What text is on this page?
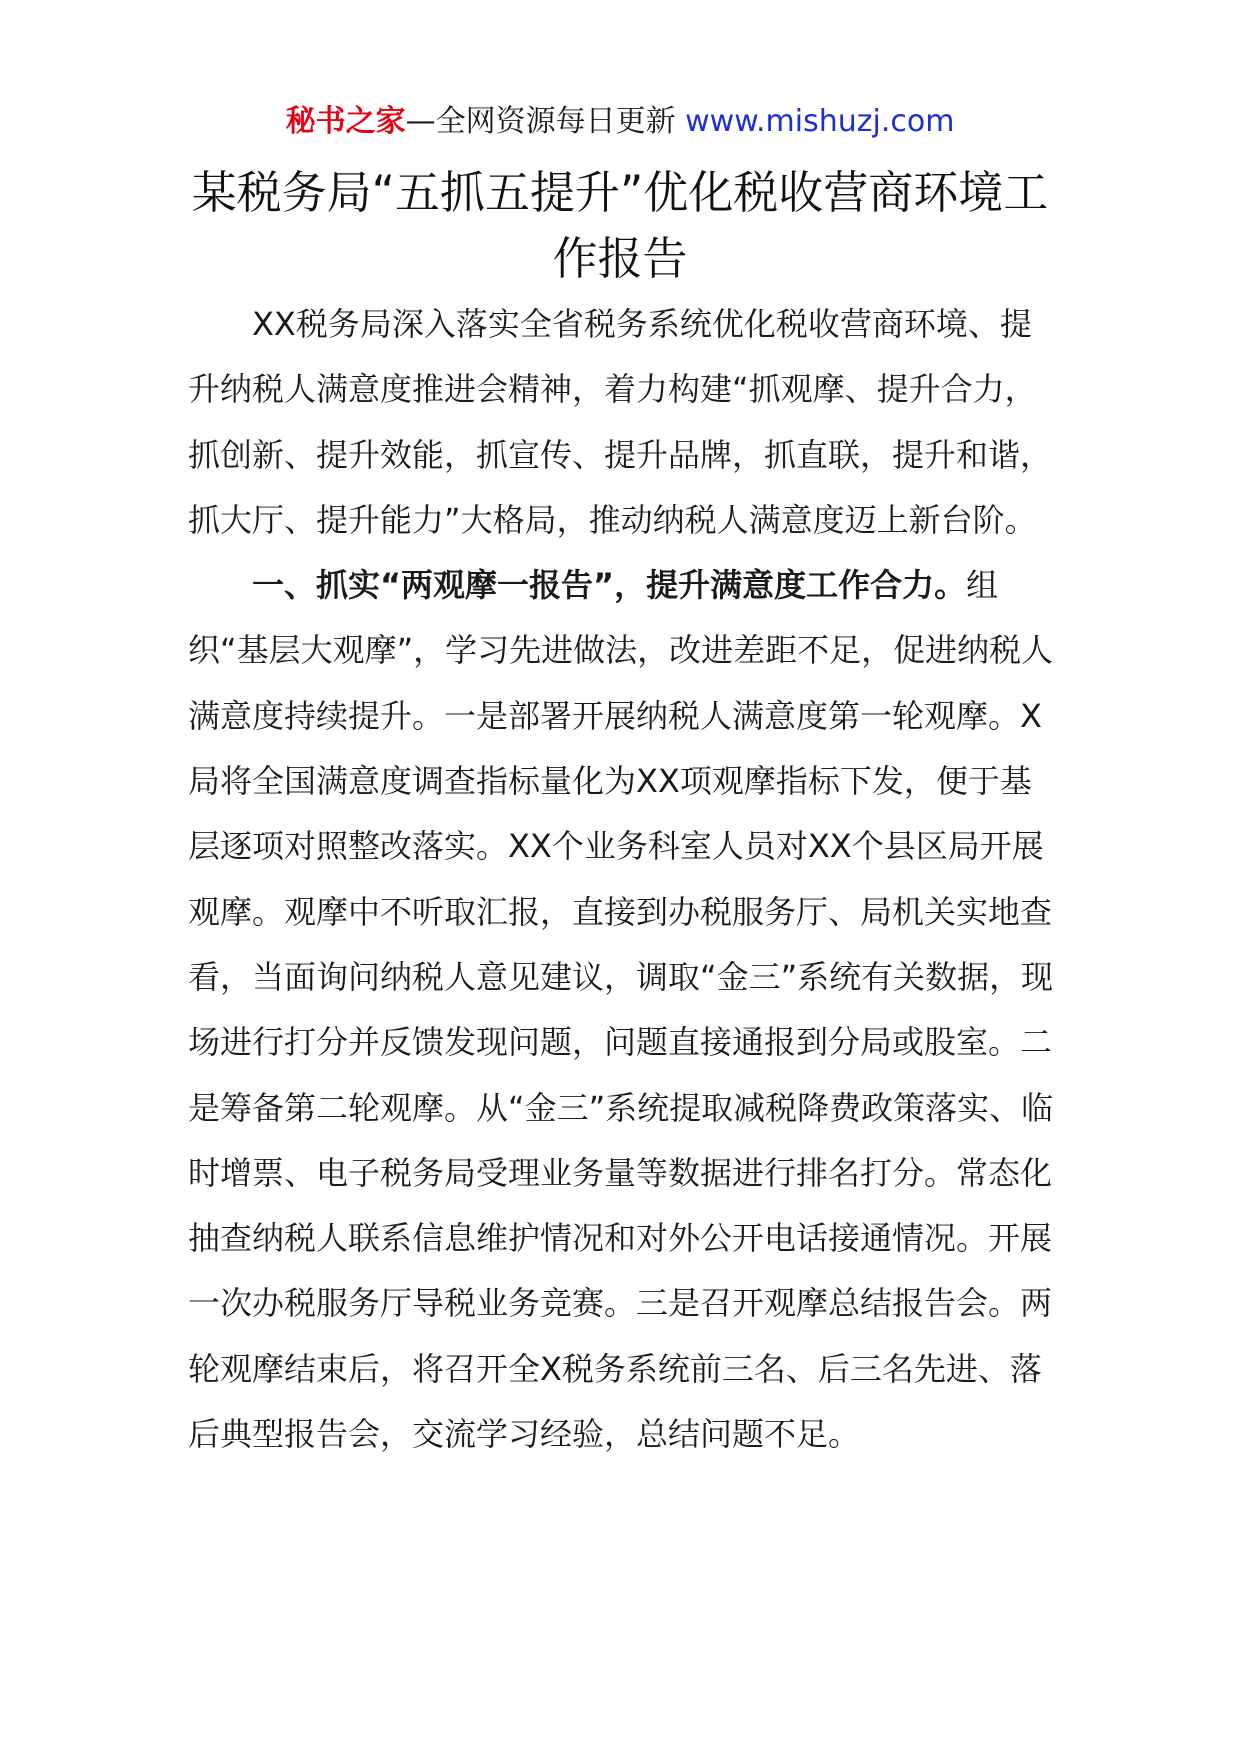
秘书之家—全网资源每日更新 www.mishuzj.com
某税务局“五抓五提升”优化税收营商环境工作报告

XX税务局深入落实全省税务系统优化税收营商环境、提升纳税人满意度推进会精神，着力构建“抓观摩、提升合力，抓创新、提升效能，抓宣传、提升品牌，抓直联，提升和谐，抓大厅、提升能力”大格局，推动纳税人满意度迈上新台阶。

一、抓实“两观摩一报告”，提升满意度工作合力。组织“基层大观摩”，学习先进做法，改进差距不足，促进纳税人满意度持续提升。一是部署开展纳税人满意度第一轮观摩。X局将全国满意度调查指标量化为XX项观摩指标下发，便于基层逐项对照整改落实。XX个业务科室人员对XX个县区局开展观摩。观摩中不听取汇报，直接到办税服务厅、局机关实地查看，当面询问纳税人意见建议，调取“金三”系统有关数据，现场进行打分并反馈发现问题，问题直接通报到分局或股室。二是筹备第二轮观摩。从“金三”系统提取减税降费政策落实、临时增票、电子税务局受理业务量等数据进行排名打分。常态化抽查纳税人联系信息维护情况和对外公开电话接通情况。开展一次办税服务厅导税业务竞赛。三是召开观摩总结报告会。两轮观摩结束后，将召开全X税务系统前三名、后三名先进、落后典型报告会，交流学习经验，总结问题不足。
